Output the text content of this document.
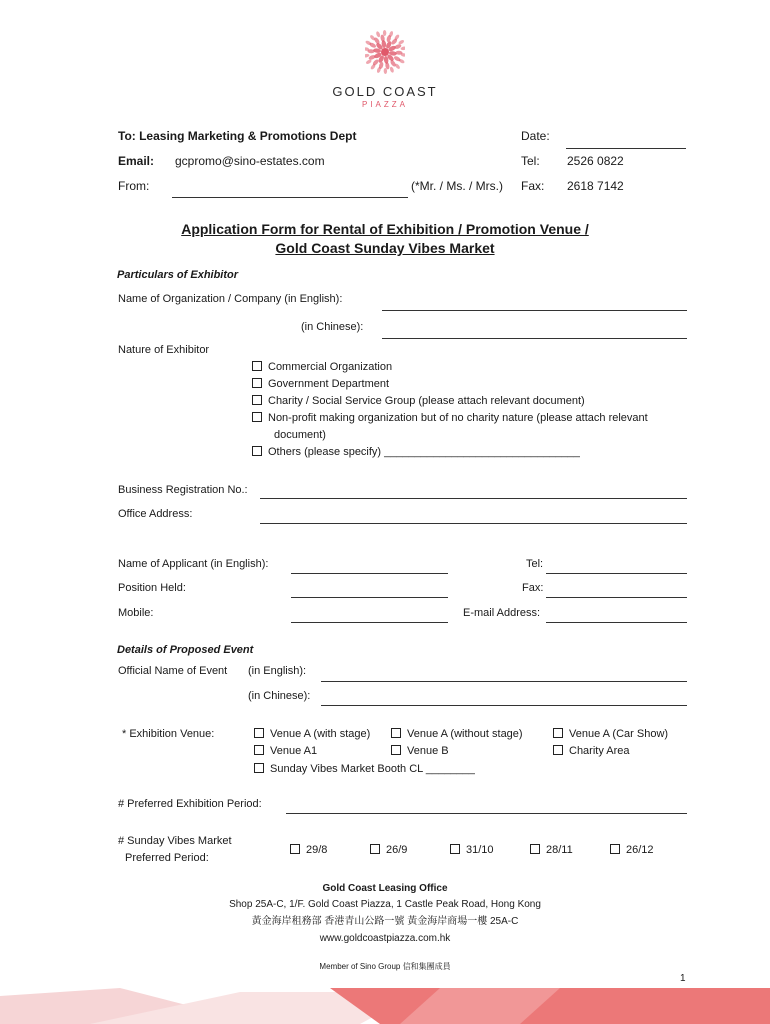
GOLD COAST
PIAZZA
To: Leasing Marketing & Promotions Dept	Date:
Email: gcpromo@sino-estates.com	Tel: 2526 0822
From:	(*Mr. / Ms. / Mrs.) Fax: 2618 7142
Application Form for Rental of Exhibition / Promotion Venue /
Gold Coast Sunday Vibes Market
Particulars of Exhibitor
Name of Organization / Company (in English):
(in Chinese):
Nature of Exhibitor
Commercial Organization
Government Department
Charity / Social Service Group (please attach relevant document)
Non-profit making organization but of no charity nature (please attach relevant
document)
Others (please specify) ________________________________
Business Registration No.:
Office Address:
Name of Applicant (in English):	Tel:
Position Held:	Fax:
Mobile:	E-mail Address:
Details of Proposed Event
Official Name of Event (in English):
(in Chinese):
* Exhibition Venue:	Venue A (with stage)	Venue A (without stage)	Venue A (Car Show)
Venue A1	Venue B	Charity Area
Sunday Vibes Market Booth CL ________
# Preferred Exhibition Period:
# Sunday Vibes Market
Preferred Period:
29/8	26/9	31/10	28/11	26/12
Gold Coast Leasing Office
Shop 25A-C, 1/F. Gold Coast Piazza, 1 Castle Peak Road, Hong Kong
黃金海岸租務部 香港青山公路一號 黃金海岸商場一樓 25A-C
www.goldcoastpiazza.com.hk
Member of Sino Group 信和集團成員
1
